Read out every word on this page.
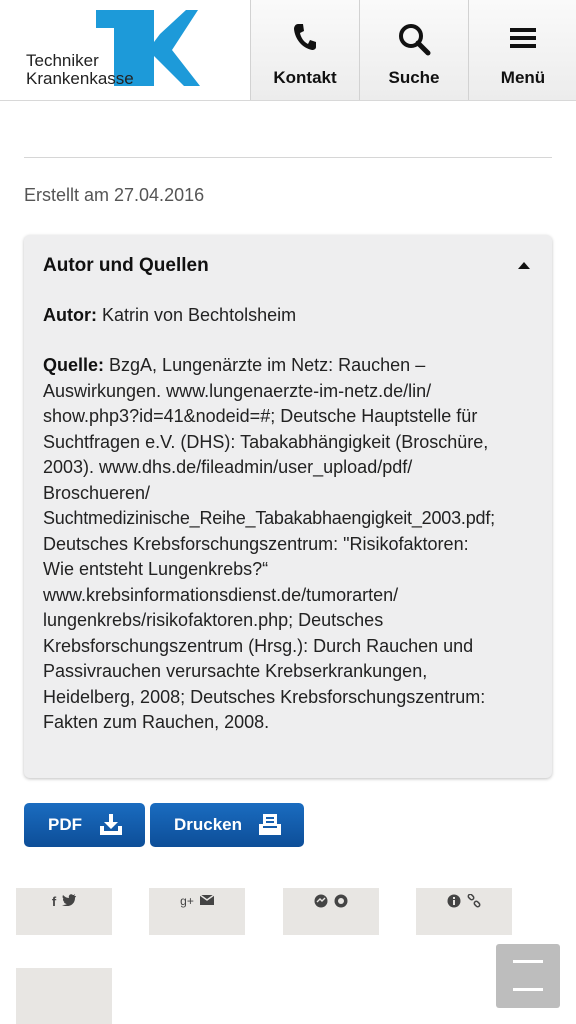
Techniker
Krankenkasse	Kontakt	Suche	Menü
Erstellt am 27.04.2016
Autor und Quellen
Autor: Katrin von Bechtolsheim
Quelle: BzgA, Lungenärzte im Netz: Rauchen –
Auswirkungen. www.lungenaerzte-im-netz.de/lin/
show.php3?id=41&nodeid=#; Deutsche Hauptstelle für
Suchtfragen e.V. (DHS): Tabakabhängigkeit (Broschüre,
2003). www.dhs.de/fileadmin/user_upload/pdf/
Broschueren/
Suchtmedizinische_Reihe_Tabakabhaengigkeit_2003.pdf;
Deutsches Krebsforschungszentrum: "Risikofaktoren:
Wie entsteht Lungenkrebs?“
www.krebsinformationsdienst.de/tumorarten/
lungenkrebs/risikofaktoren.php; Deutsches
Krebsforschungszentrum (Hrsg.): Durch Rauchen und
Passivrauchen verursachte Krebserkrankungen,
Heidelberg, 2008; Deutsches Krebsforschungszentrum:
Fakten zum Rauchen, 2008.
PDF	Drucken
f	g+
